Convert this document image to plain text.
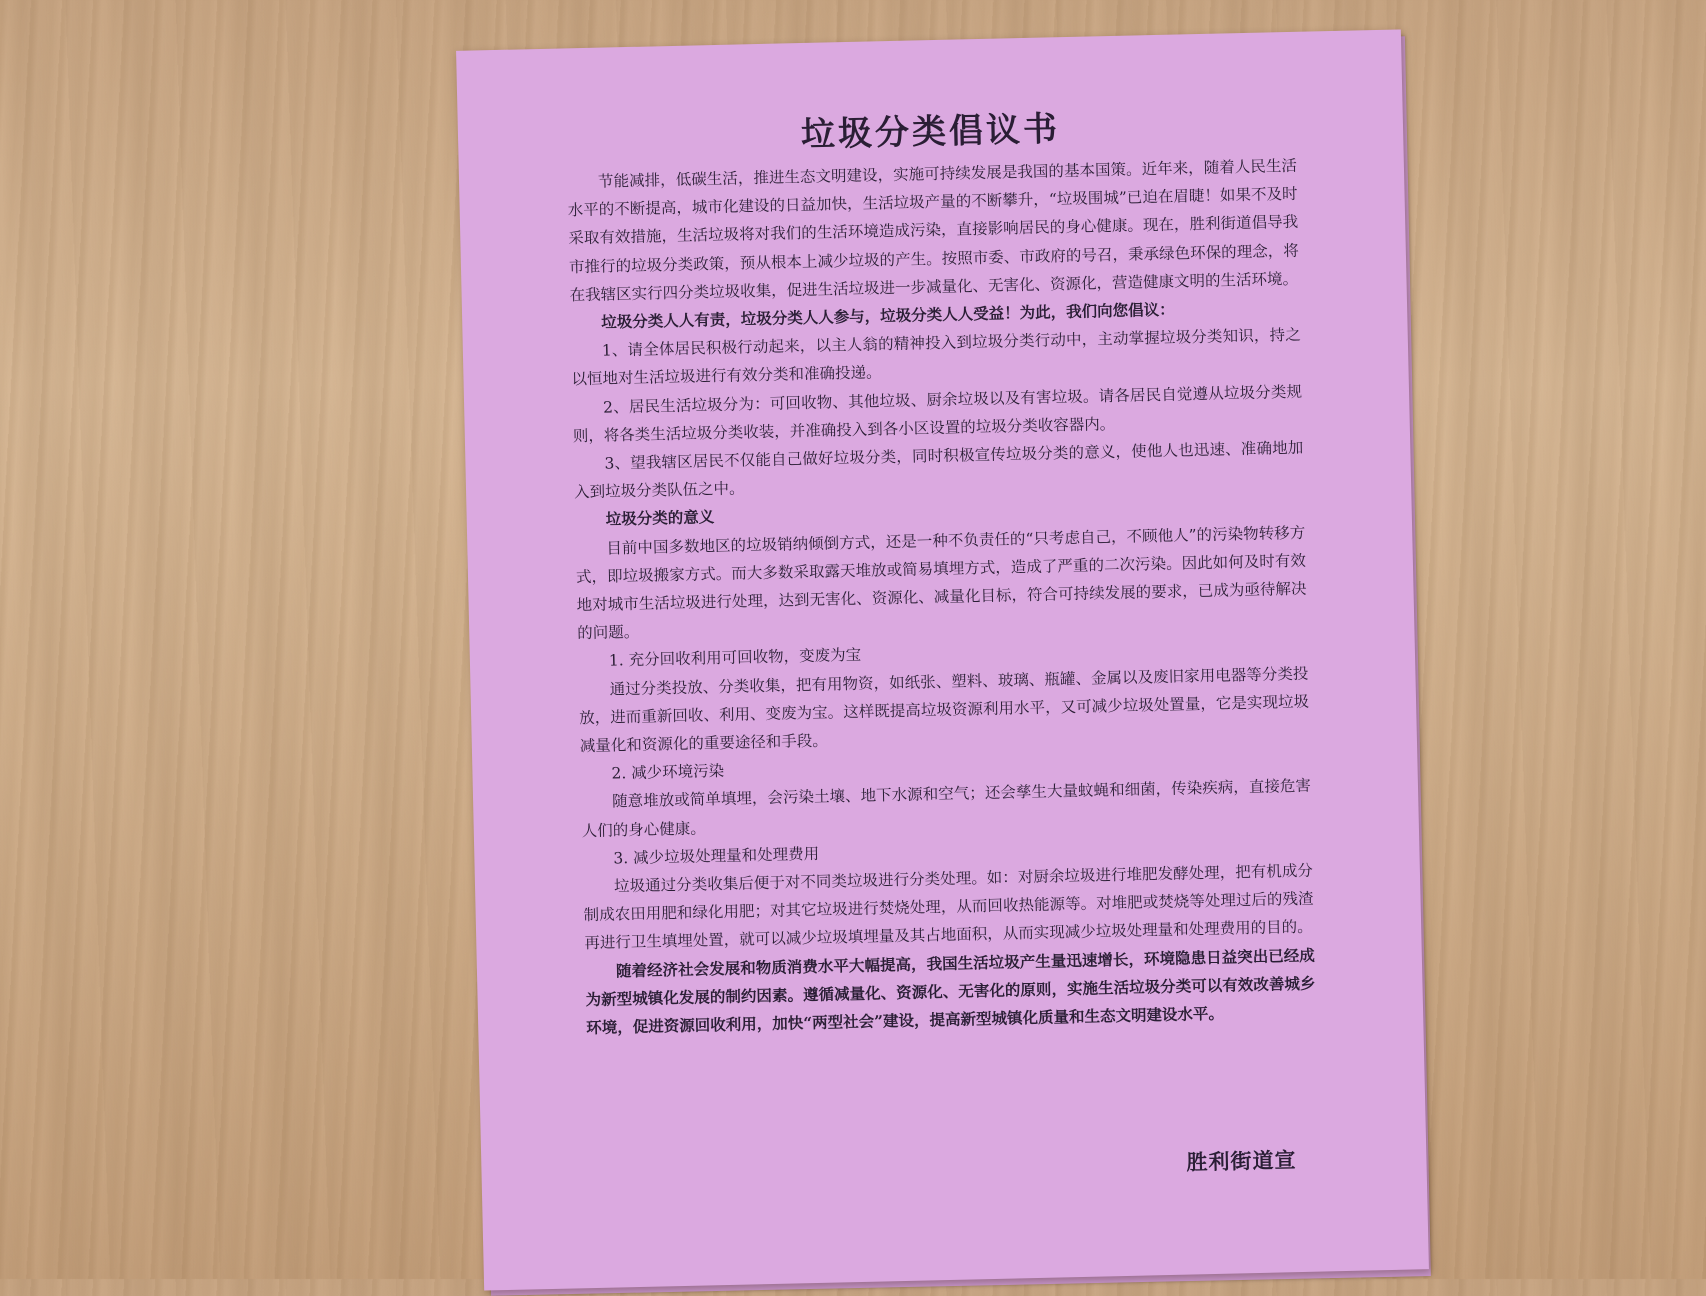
垃圾分类倡议书

节能减排，低碳生活，推进生态文明建设，实施可持续发展是我国的基本国策。近年来，随着人民生活水平的不断提高，城市化建设的日益加快，生活垃圾产量的不断攀升，“垃圾围城”已迫在眉睫！如果不及时采取有效措施，生活垃圾将对我们的生活环境造成污染，直接影响居民的身心健康。现在，胜利街道倡导我市推行的垃圾分类政策，预从根本上减少垃圾的产生。按照市委、市政府的号召，秉承绿色环保的理念，将在我辖区实行四分类垃圾收集，促进生活垃圾进一步减量化、无害化、资源化，营造健康文明的生活环境。

垃圾分类人人有责，垃圾分类人人参与，垃圾分类人人受益！为此，我们向您倡议：

1、请全体居民积极行动起来，以主人翁的精神投入到垃圾分类行动中，主动掌握垃圾分类知识，持之以恒地对生活垃圾进行有效分类和准确投递。

2、居民生活垃圾分为：可回收物、其他垃圾、厨余垃圾以及有害垃圾。请各居民自觉遵从垃圾分类规则，将各类生活垃圾分类收装，并准确投入到各小区设置的垃圾分类收容器内。

3、望我辖区居民不仅能自己做好垃圾分类，同时积极宣传垃圾分类的意义，使他人也迅速、准确地加入到垃圾分类队伍之中。

垃圾分类的意义

目前中国多数地区的垃圾销纳倾倒方式，还是一种不负责任的“只考虑自己，不顾他人”的污染物转移方式，即垃圾搬家方式。而大多数采取露天堆放或简易填埋方式，造成了严重的二次污染。因此如何及时有效地对城市生活垃圾进行处理，达到无害化、资源化、减量化目标，符合可持续发展的要求，已成为亟待解决的问题。

1. 充分回收利用可回收物，变废为宝

通过分类投放、分类收集，把有用物资，如纸张、塑料、玻璃、瓶罐、金属以及废旧家用电器等分类投放，进而重新回收、利用、变废为宝。这样既提高垃圾资源利用水平，又可减少垃圾处置量，它是实现垃圾减量化和资源化的重要途径和手段。

2. 减少环境污染

随意堆放或简单填埋，会污染土壤、地下水源和空气；还会孳生大量蚊蝇和细菌，传染疾病，直接危害人们的身心健康。

3. 减少垃圾处理量和处理费用

垃圾通过分类收集后便于对不同类垃圾进行分类处理。如：对厨余垃圾进行堆肥发酵处理，把有机成分制成农田用肥和绿化用肥；对其它垃圾进行焚烧处理，从而回收热能源等。对堆肥或焚烧等处理过后的残渣再进行卫生填埋处置，就可以减少垃圾填埋量及其占地面积，从而实现减少垃圾处理量和处理费用的目的。

随着经济社会发展和物质消费水平大幅提高，我国生活垃圾产生量迅速增长，环境隐患日益突出已经成为新型城镇化发展的制约因素。遵循减量化、资源化、无害化的原则，实施生活垃圾分类可以有效改善城乡环境，促进资源回收利用，加快“两型社会”建设，提高新型城镇化质量和生态文明建设水平。

胜利街道宣
